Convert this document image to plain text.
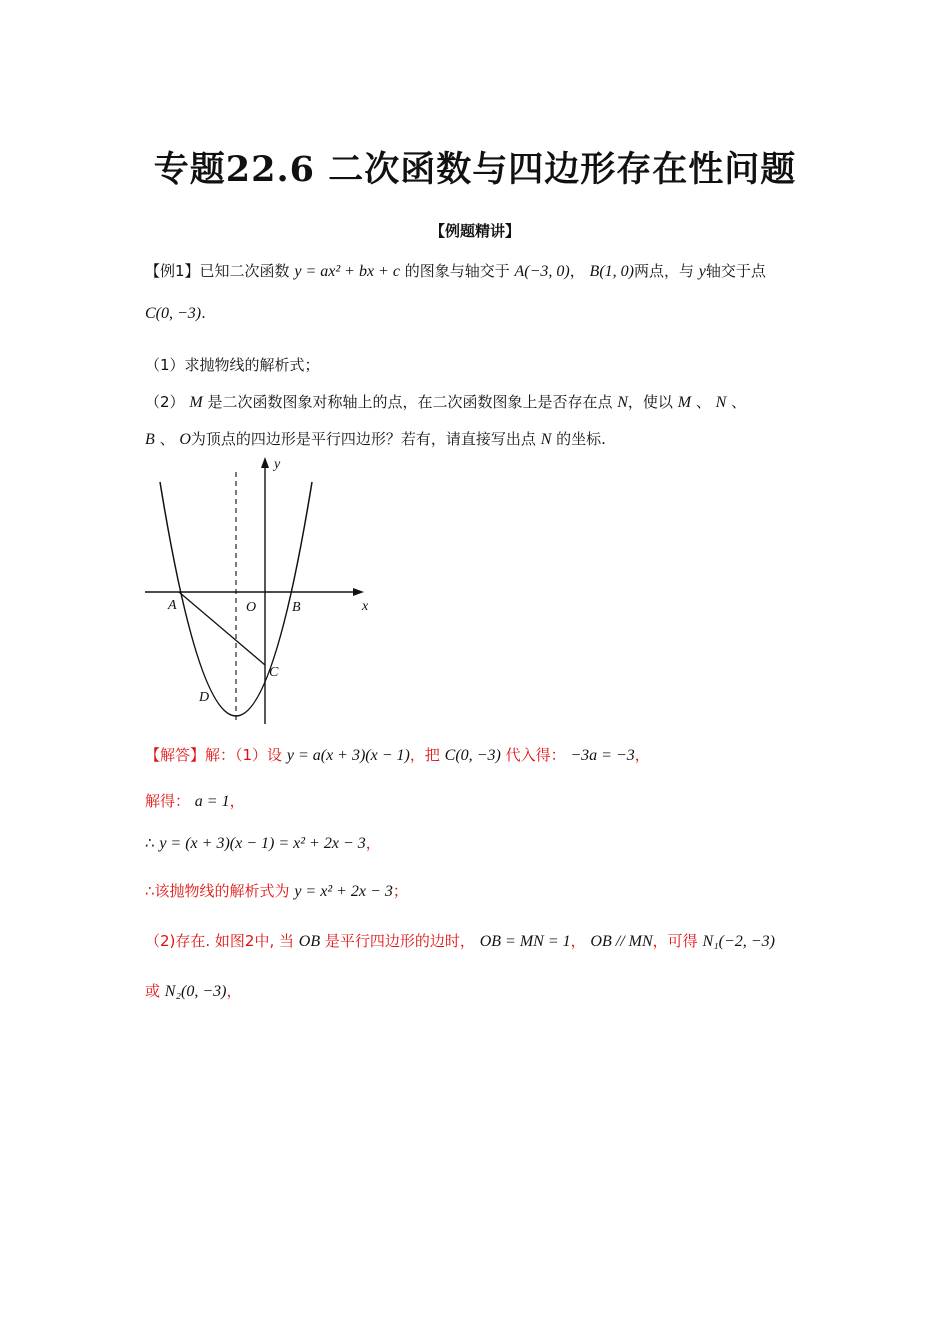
专题22.6 二次函数与四边形存在性问题
【例题精讲】
【例1】已知二次函数 y = ax² + bx + c 的图象与轴交于 A(−3, 0)， B(1, 0)两点，与 y轴交于点
C(0, −3).
（1）求抛物线的解析式；
（2） M 是二次函数图象对称轴上的点，在二次函数图象上是否存在点 N，使以 M 、 N 、
B 、 O为顶点的四边形是平行四边形？若有，请直接写出点 N 的坐标.
y
x
A	O	B
C
D
【解答】解：（1）设 y = a(x + 3)(x − 1)，把 C(0, −3) 代入得： −3a = −3，
解得： a = 1，
∴ y = (x + 3)(x − 1) = x² + 2x − 3，
∴该抛物线的解析式为 y = x² + 2x − 3；
（2)存在. 如图2中, 当 OB 是平行四边形的边时， OB = MN = 1， OB // MN，可得 N₁(−2, −3)
或 N₂(0, −3)，
